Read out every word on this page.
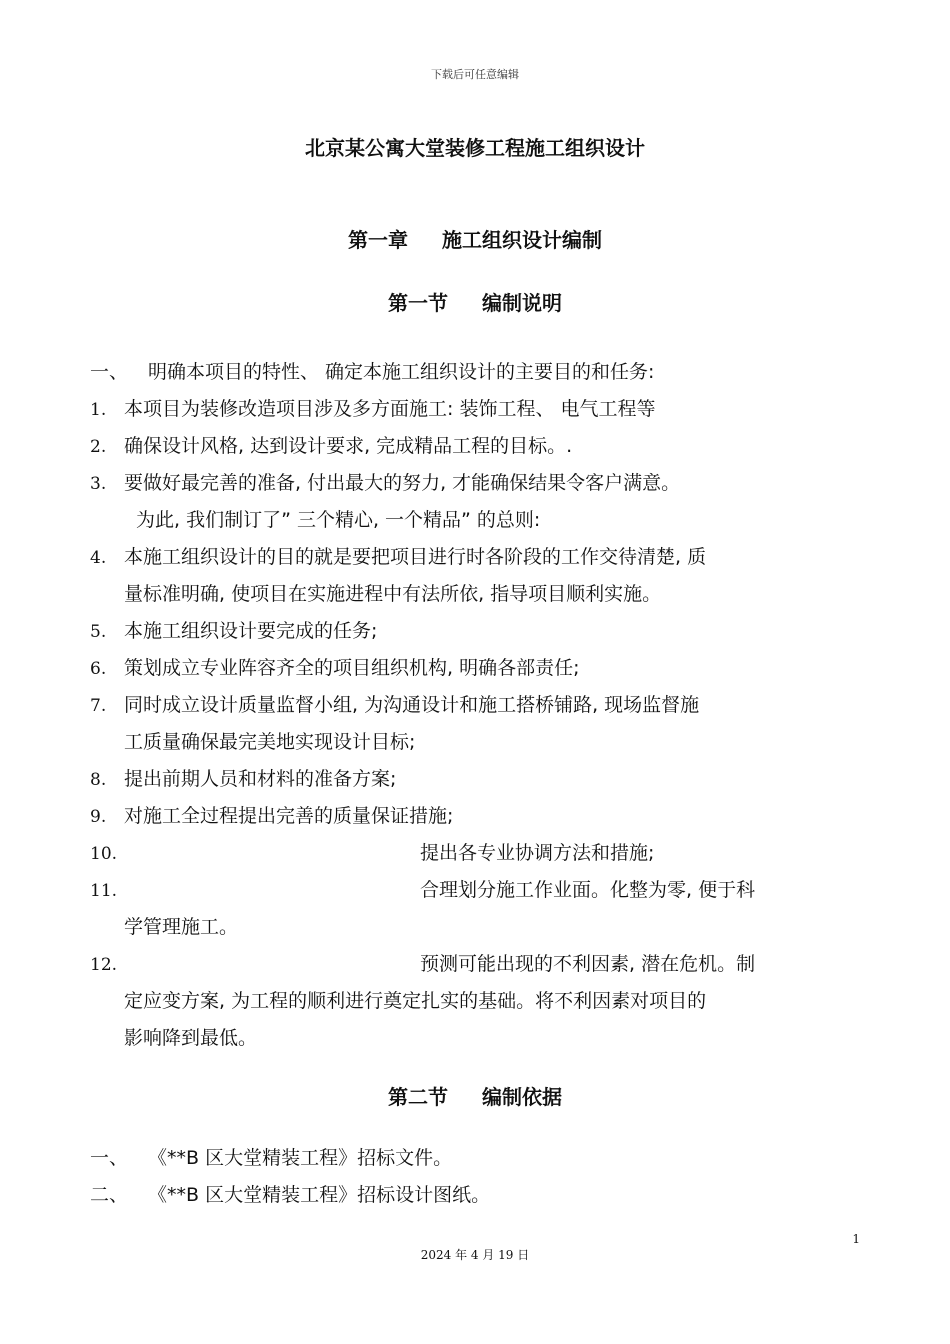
下载后可任意编辑
北京某公寓大堂装修工程施工组织设计
第一章 施工组织设计编制
第一节 编制说明
一、 明确本项目的特性、 确定本施工组织设计的主要目的和任务:
1. 本项目为装修改造项目涉及多方面施工: 装饰工程、 电气工程等
2. 确保设计风格, 达到设计要求, 完成精品工程的目标。.
3. 要做好最完善的准备, 付出最大的努力, 才能确保结果令客户满意。
为此, 我们制订了” 三个精心, 一个精品” 的总则:
4. 本施工组织设计的目的就是要把项目进行时各阶段的工作交待清楚, 质
量标准明确, 使项目在实施进程中有法所依, 指导项目顺利实施。
5. 本施工组织设计要完成的任务;
6. 策划成立专业阵容齐全的项目组织机构, 明确各部责任;
7. 同时成立设计质量监督小组, 为沟通设计和施工搭桥铺路, 现场监督施
工质量确保最完美地实现设计目标;
8. 提出前期人员和材料的准备方案;
9. 对施工全过程提出完善的质量保证措施;
10.	提出各专业协调方法和措施;
11.	合理划分施工作业面。化整为零, 便于科
学管理施工。
12.	预测可能出现的不利因素, 潜在危机。制
定应变方案, 为工程的顺利进行奠定扎实的基础。将不利因素对项目的
影响降到最低。
第二节 编制依据
一、 《**B 区大堂精装工程》招标文件。
二、 《**B 区大堂精装工程》招标设计图纸。
1
2024 年 4 月 19 日
